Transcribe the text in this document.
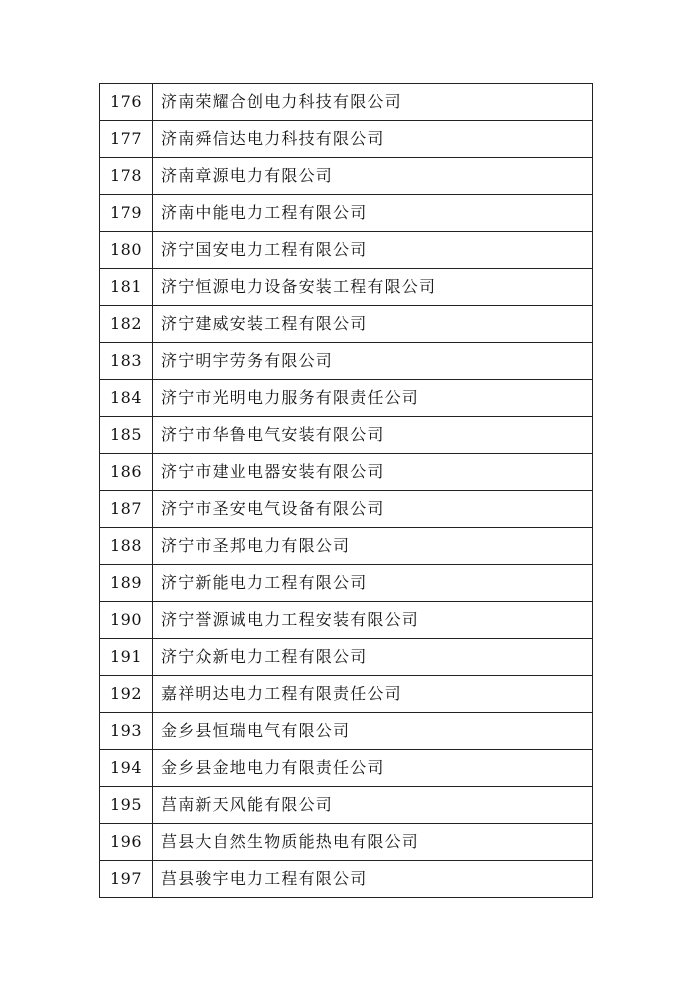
176	济南荣耀合创电力科技有限公司
177	济南舜信达电力科技有限公司
178	济南章源电力有限公司
179	济南中能电力工程有限公司
180	济宁国安电力工程有限公司
181	济宁恒源电力设备安装工程有限公司
182	济宁建威安装工程有限公司
183	济宁明宇劳务有限公司
184	济宁市光明电力服务有限责任公司
185	济宁市华鲁电气安装有限公司
186	济宁市建业电器安装有限公司
187	济宁市圣安电气设备有限公司
188	济宁市圣邦电力有限公司
189	济宁新能电力工程有限公司
190	济宁誉源诚电力工程安装有限公司
191	济宁众新电力工程有限公司
192	嘉祥明达电力工程有限责任公司
193	金乡县恒瑞电气有限公司
194	金乡县金地电力有限责任公司
195	莒南新天风能有限公司
196	莒县大自然生物质能热电有限公司
197	莒县骏宇电力工程有限公司
